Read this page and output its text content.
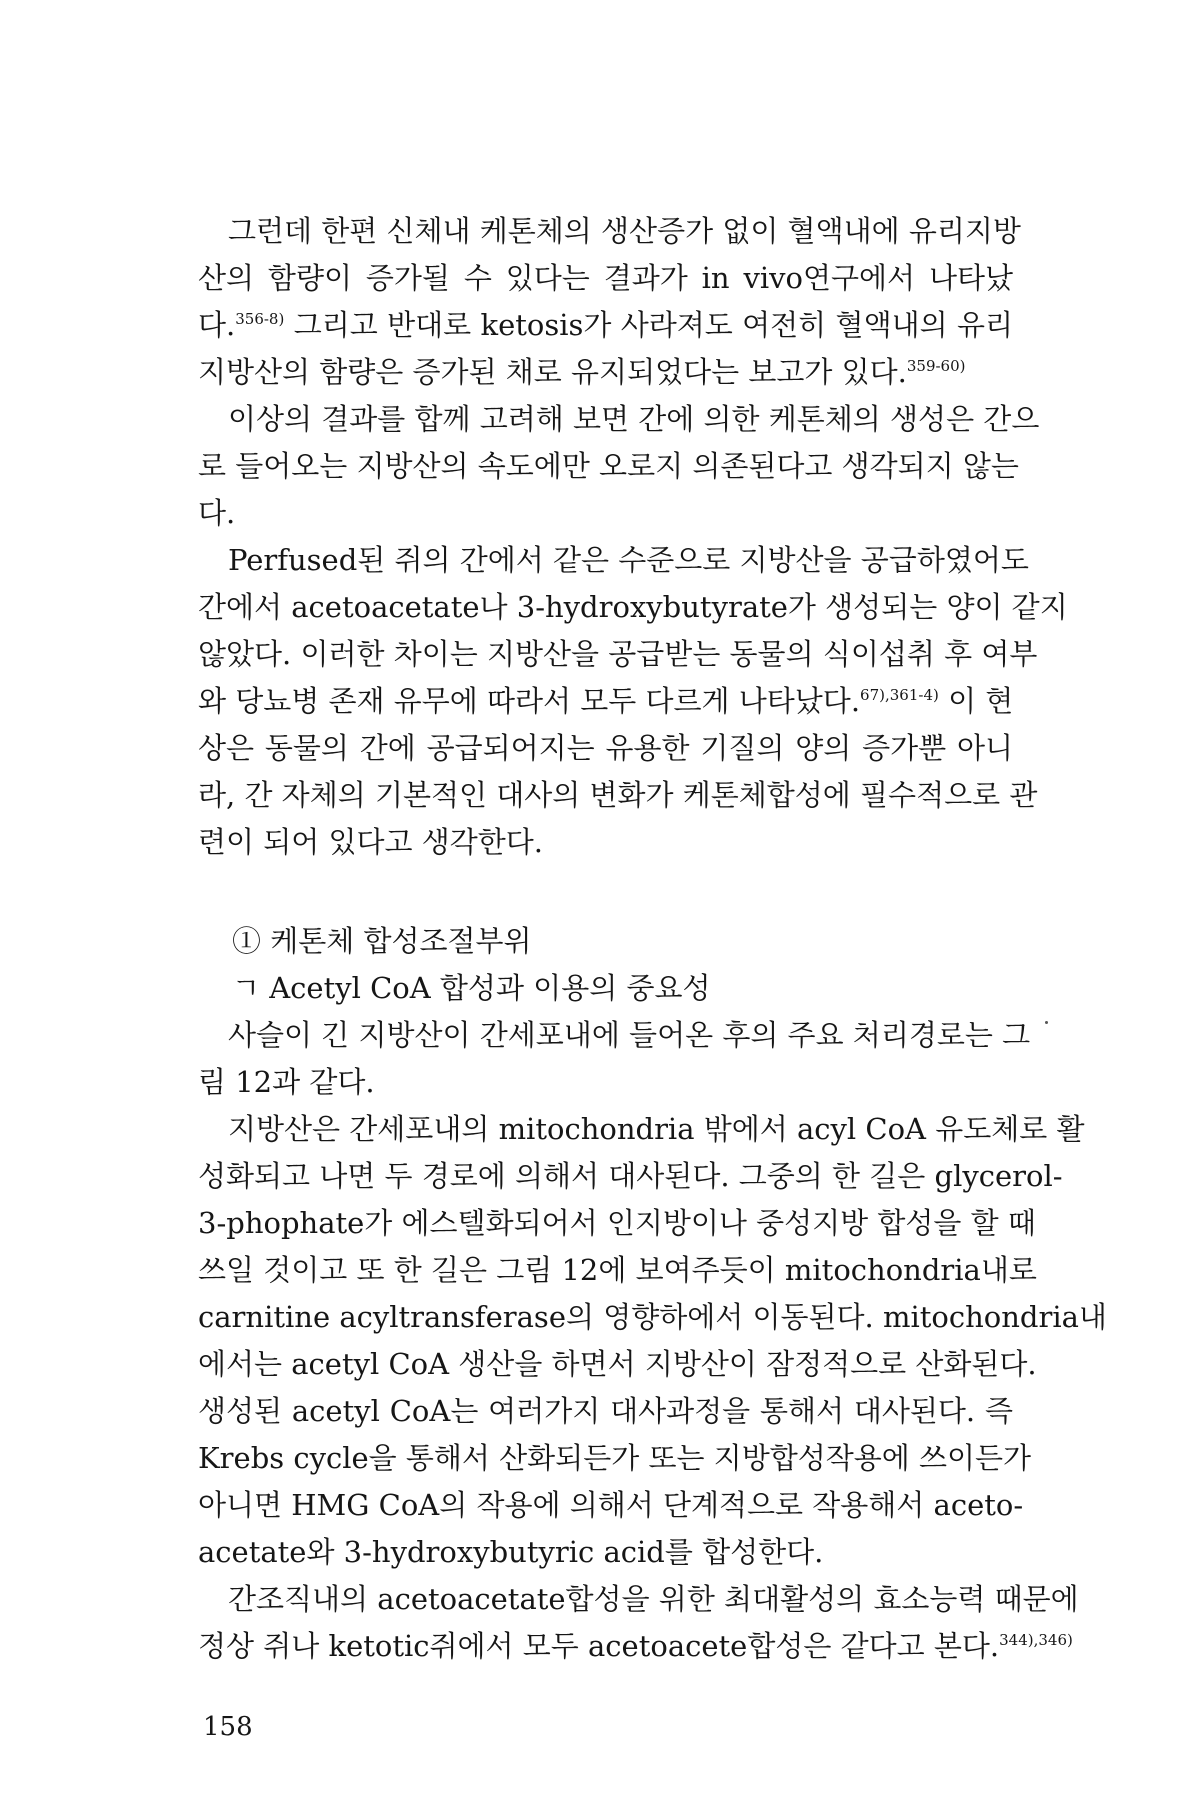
그런데 한편 신체내 케톤체의 생산증가 없이 혈액내에 유리지방
산의 함량이 증가될 수 있다는 결과가 in vivo연구에서 나타났
다.$^{356-8)}$ 그리고 반대로 ketosis가 사라져도 여전히 혈액내의 유리
지방산의 함량은 증가된 채로 유지되었다는 보고가 있다.$^{359-60)}$
이상의 결과를 합께 고려해 보면 간에 의한 케톤체의 생성은 간으
로 들어오는 지방산의 속도에만 오로지 의존된다고 생각되지 않는
다.
Perfused된 쥐의 간에서 같은 수준으로 지방산을 공급하였어도
간에서 acetoacetate나 3-hydroxybutyrate가 생성되는 양이 같지
않았다. 이러한 차이는 지방산을 공급받는 동물의 식이섭취 후 여부
와 당뇨병 존재 유무에 따라서 모두 다르게 나타났다.$^{67),361-4)}$ 이 현
상은 동물의 간에 공급되어지는 유용한 기질의 양의 증가뿐 아니
라, 간 자체의 기본적인 대사의 변화가 케톤체합성에 필수적으로 관
련이 되어 있다고 생각한다.
① 케톤체 합성조절부위
ㄱ Acetyl CoA 합성과 이용의 중요성
사슬이 긴 지방산이 간세포내에 들어온 후의 주요 처리경로는 그
림 12과 같다.
지방산은 간세포내의 mitochondria 밖에서 acyl CoA 유도체로 활
성화되고 나면 두 경로에 의해서 대사된다. 그중의 한 길은 glycerol-
3-phophate가 에스텔화되어서 인지방이나 중성지방 합성을 할 때
쓰일 것이고 또 한 길은 그림 12에 보여주듯이 mitochondria내로
carnitine acyltransferase의 영향하에서 이동된다. mitochondria내
에서는 acetyl CoA 생산을 하면서 지방산이 잠정적으로 산화된다.
생성된 acetyl CoA는 여러가지 대사과정을 통해서 대사된다. 즉
Krebs cycle을 통해서 산화되든가 또는 지방합성작용에 쓰이든가
아니면 HMG CoA의 작용에 의해서 단계적으로 작용해서 aceto-
acetate와 3-hydroxybutyric acid를 합성한다.
간조직내의 acetoacetate합성을 위한 최대활성의 효소능력 때문에
정상 쥐나 ketotic쥐에서 모두 acetoacete합성은 같다고 본다.$^{344),346)}$
158
